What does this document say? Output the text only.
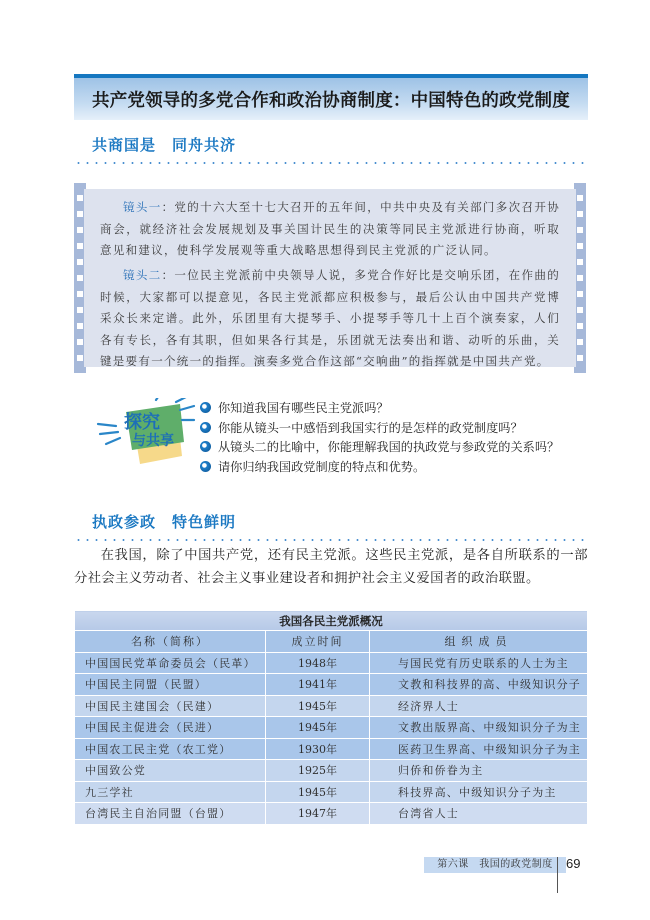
共产党领导的多党合作和政治协商制度：中国特色的政党制度
共商国是　同舟共济
镜头一：党的十六大至十七大召开的五年间，中共中央及有关部门多次召开协商会，就经济社会发展规划及事关国计民生的决策等同民主党派进行协商，听取意见和建议，使科学发展观等重大战略思想得到民主党派的广泛认同。
镜头二：一位民主党派前中央领导人说，多党合作好比是交响乐团，在作曲的时候，大家都可以提意见，各民主党派都应积极参与，最后公认由中国共产党博采众长来定谱。此外，乐团里有大提琴手、小提琴手等几十上百个演奏家，人们各有专长，各有其职，但如果各行其是，乐团就无法奏出和谐、动听的乐曲，关键是要有一个统一的指挥。演奏多党合作这部“交响曲”的指挥就是中国共产党。
探究
与共享
你知道我国有哪些民主党派吗？
你能从镜头一中感悟到我国实行的是怎样的政党制度吗？
从镜头二的比喻中，你能理解我国的执政党与参政党的关系吗？
请你归纳我国政党制度的特点和优势。
执政参政　特色鲜明
在我国，除了中国共产党，还有民主党派。这些民主党派，是各自所联系的一部分社会主义劳动者、社会主义事业建设者和拥护社会主义爱国者的政治联盟。
我国各民主党派概况		
名称（简称）	成立时间	组织成员
中国国民党革命委员会（民革）	1948年	与国民党有历史联系的人士为主
中国民主同盟（民盟）	1941年	文教和科技界的高、中级知识分子
中国民主建国会（民建）	1945年	经济界人士
中国民主促进会（民进）	1945年	文教出版界高、中级知识分子为主
中国农工民主党（农工党）	1930年	医药卫生界高、中级知识分子为主
中国致公党	1925年	归侨和侨眷为主
九三学社	1945年	科技界高、中级知识分子为主
台湾民主自治同盟（台盟）	1947年	台湾省人士
第六课　我国的政党制度	69
